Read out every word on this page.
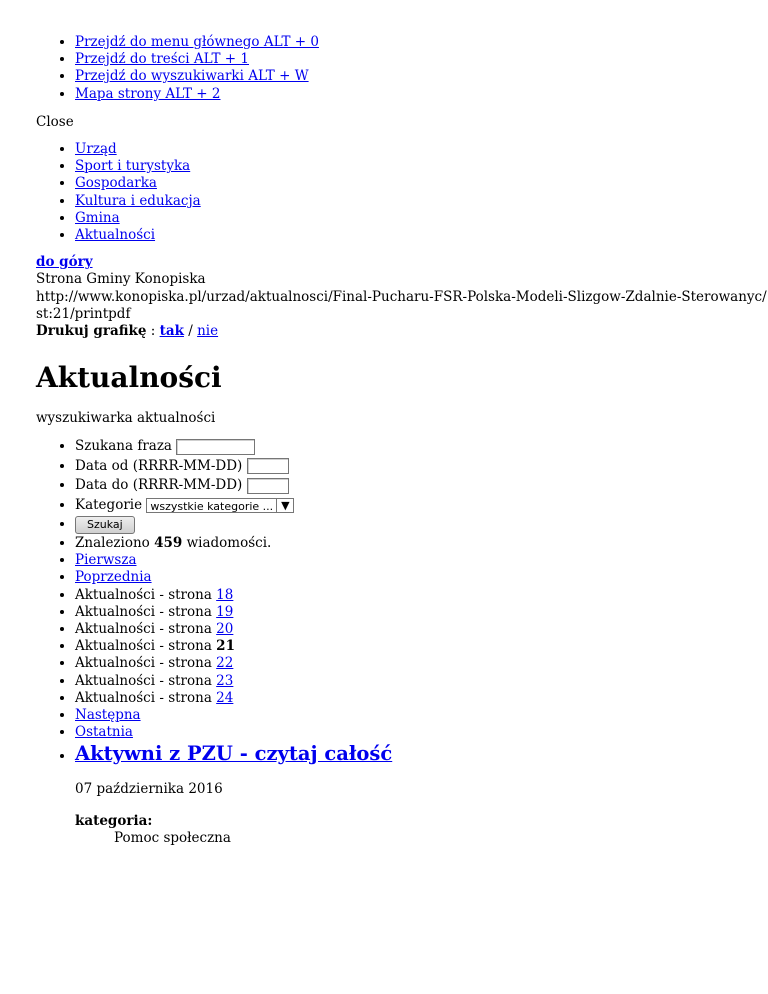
• Przejdź do menu głównego ALT + 0
• Przejdź do treści ALT + 1
• Przejdź do wyszukiwarki ALT + W
• Mapa strony ALT + 2
Close
• Urząd
• Sport i turystyka
• Gospodarka
• Kultura i edukacja
• Gmina
• Aktualności
do góry
Strona Gminy Konopiska
http://www.konopiska.pl/urzad/aktualnosci/Final-Pucharu-FSR-Polska-Modeli-Slizgow-Zdalnie-Sterowanyc/
st:21/printpdf
Drukuj grafikę : tak / nie
Aktualności
wyszukiwarka aktualności
• Szukana fraza
• Data od (RRRR-MM-DD)
• Data do (RRRR-MM-DD)
• Kategorie wszystkie kategorie ... ▼
• Szukaj
• Znaleziono 459 wiadomości.
• Pierwsza
• Poprzednia
• Aktualności - strona 18
• Aktualności - strona 19
• Aktualności - strona 20
• Aktualności - strona 21
• Aktualności - strona 22
• Aktualności - strona 23
• Aktualności - strona 24
• Następna
• Ostatnia
• Aktywni z PZU - czytaj całość

07 października 2016

kategoria:
Pomoc społeczna
